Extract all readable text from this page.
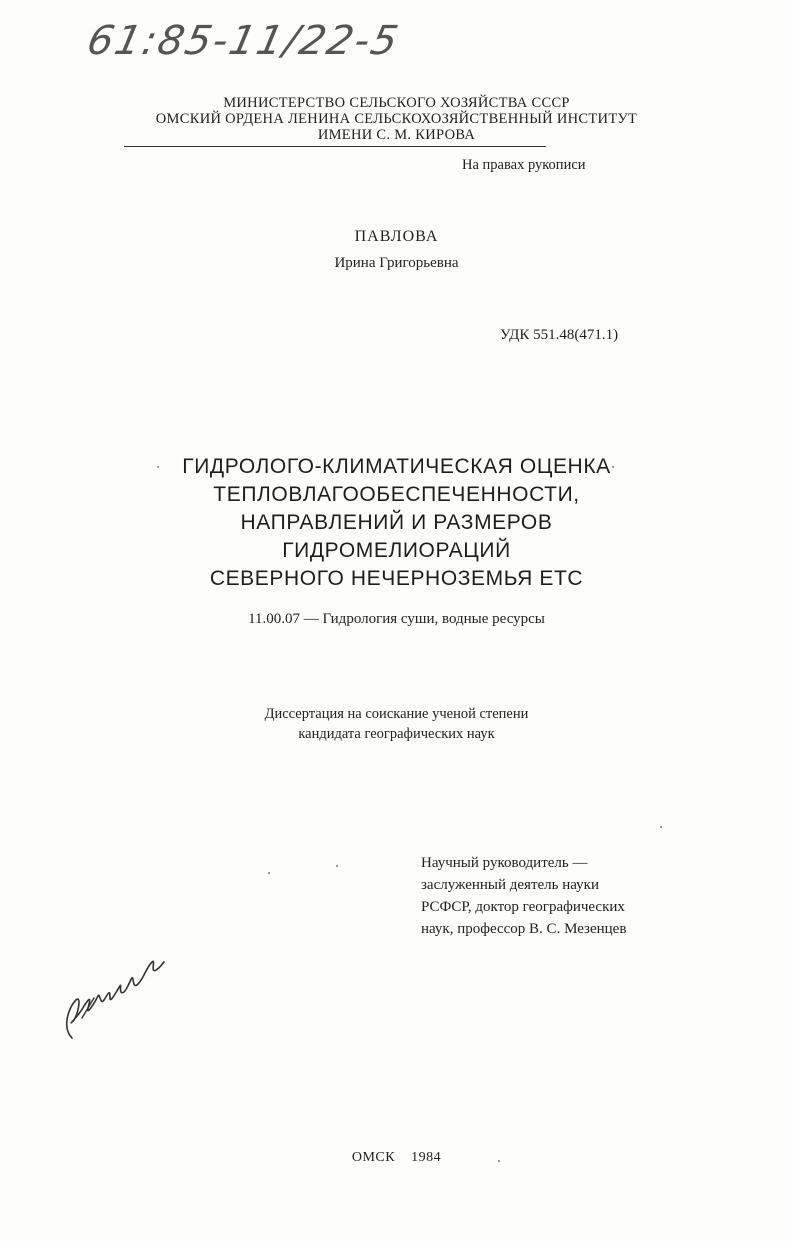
61:85-11/22-5
МИНИСТЕРСТВО СЕЛЬСКОГО ХОЗЯЙСТВА СССР
ОМСКИЙ ОРДЕНА ЛЕНИНА СЕЛЬСКОХОЗЯЙСТВЕННЫЙ ИНСТИТУТ
ИМЕНИ С. М. КИРОВА
На правах рукописи
ПАВЛОВА
Ирина Григорьевна
УДК 551.48(471.1)
ГИДРОЛОГО-КЛИМАТИЧЕСКАЯ ОЦЕНКА
ТЕПЛОВЛАГООБЕСПЕЧЕННОСТИ,
НАПРАВЛЕНИЙ И РАЗМЕРОВ
ГИДРОМЕЛИОРАЦИЙ
СЕВЕРНОГО НЕЧЕРНОЗЕМЬЯ ЕТС
11.00.07 — Гидрология суши, водные ресурсы
Диссертация на соискание ученой степени
кандидата географических наук
Научный руководитель —
заслуженный деятель науки
РСФСР, доктор географических
наук, профессор В. С. Мезенцев
ОМСК 1984
